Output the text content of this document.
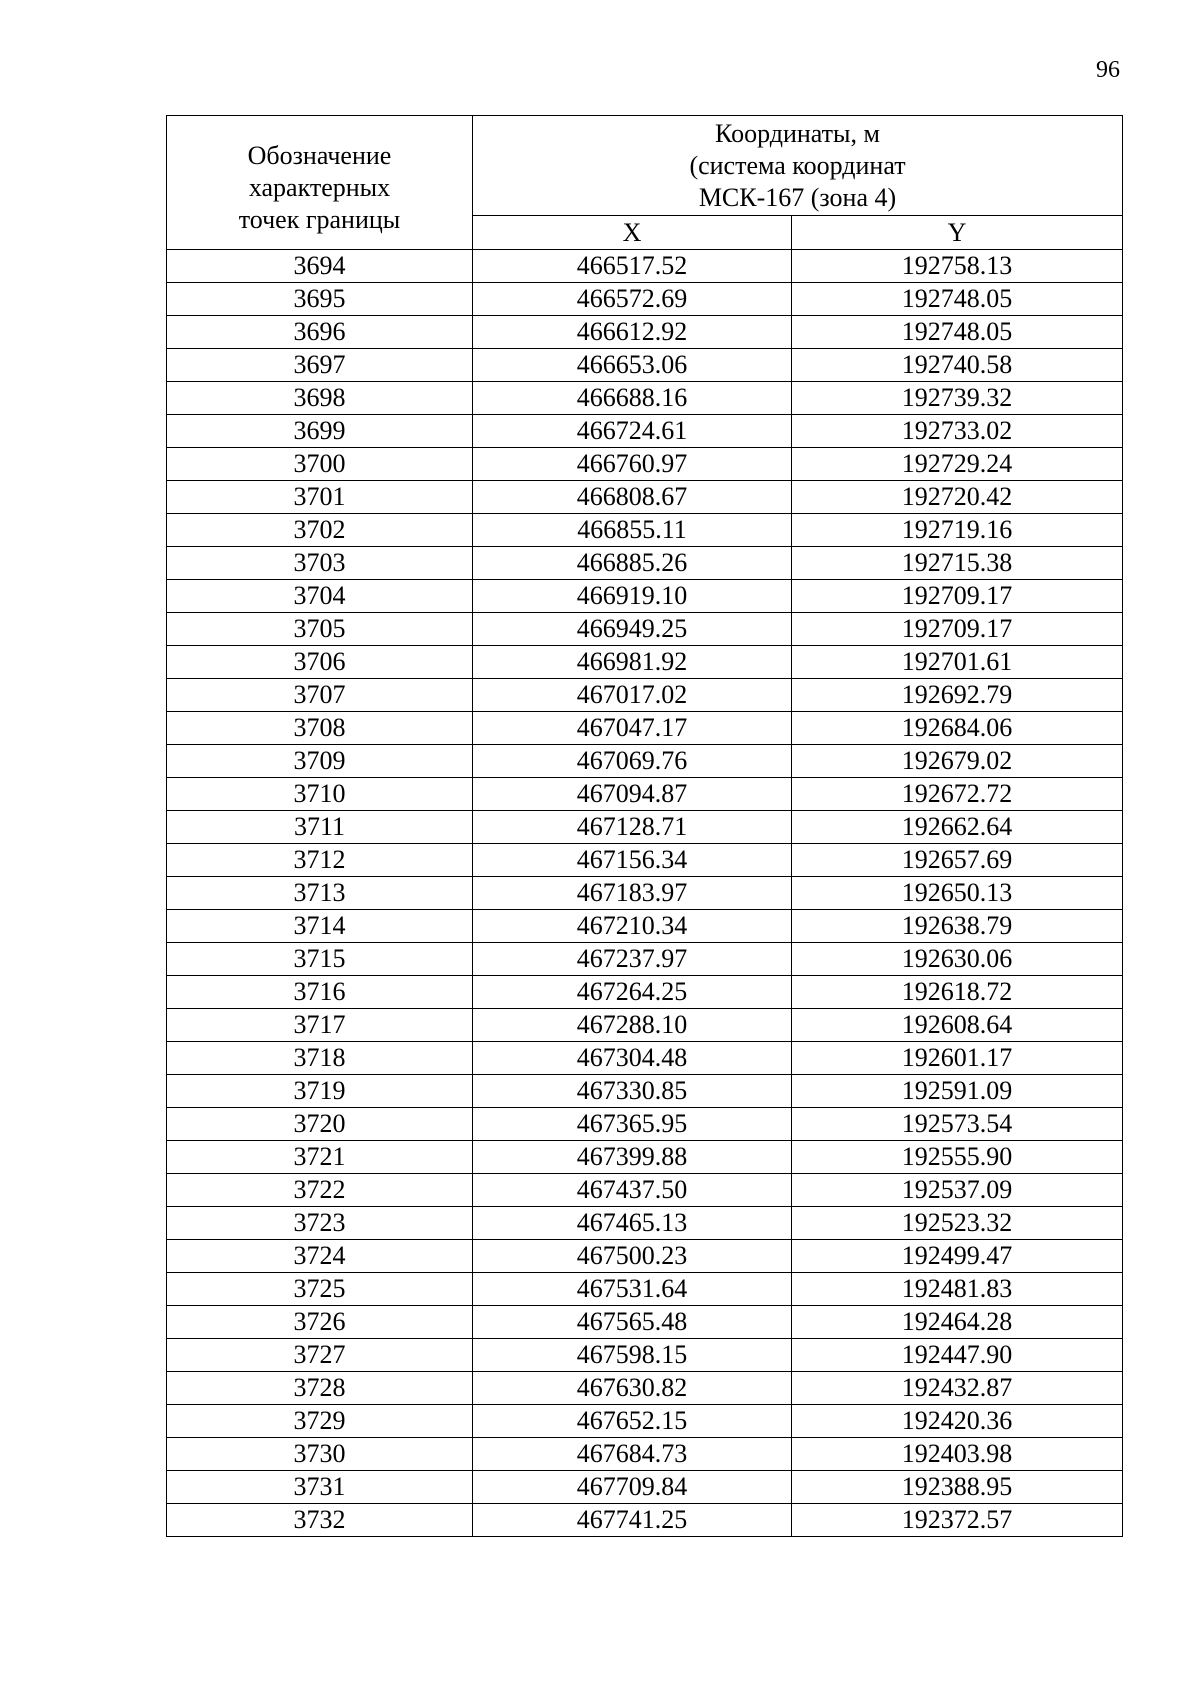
96
Обозначение
характерных
точек границы	Координаты, м
(система координат
МСК-167 (зона 4)	

	X	Y
3694	466517.52	192758.13
3695	466572.69	192748.05
3696	466612.92	192748.05
3697	466653.06	192740.58
3698	466688.16	192739.32
3699	466724.61	192733.02
3700	466760.97	192729.24
3701	466808.67	192720.42
3702	466855.11	192719.16
3703	466885.26	192715.38
3704	466919.10	192709.17
3705	466949.25	192709.17
3706	466981.92	192701.61
3707	467017.02	192692.79
3708	467047.17	192684.06
3709	467069.76	192679.02
3710	467094.87	192672.72
3711	467128.71	192662.64
3712	467156.34	192657.69
3713	467183.97	192650.13
3714	467210.34	192638.79
3715	467237.97	192630.06
3716	467264.25	192618.72
3717	467288.10	192608.64
3718	467304.48	192601.17
3719	467330.85	192591.09
3720	467365.95	192573.54
3721	467399.88	192555.90
3722	467437.50	192537.09
3723	467465.13	192523.32
3724	467500.23	192499.47
3725	467531.64	192481.83
3726	467565.48	192464.28
3727	467598.15	192447.90
3728	467630.82	192432.87
3729	467652.15	192420.36
3730	467684.73	192403.98
3731	467709.84	192388.95
3732	467741.25	192372.57
